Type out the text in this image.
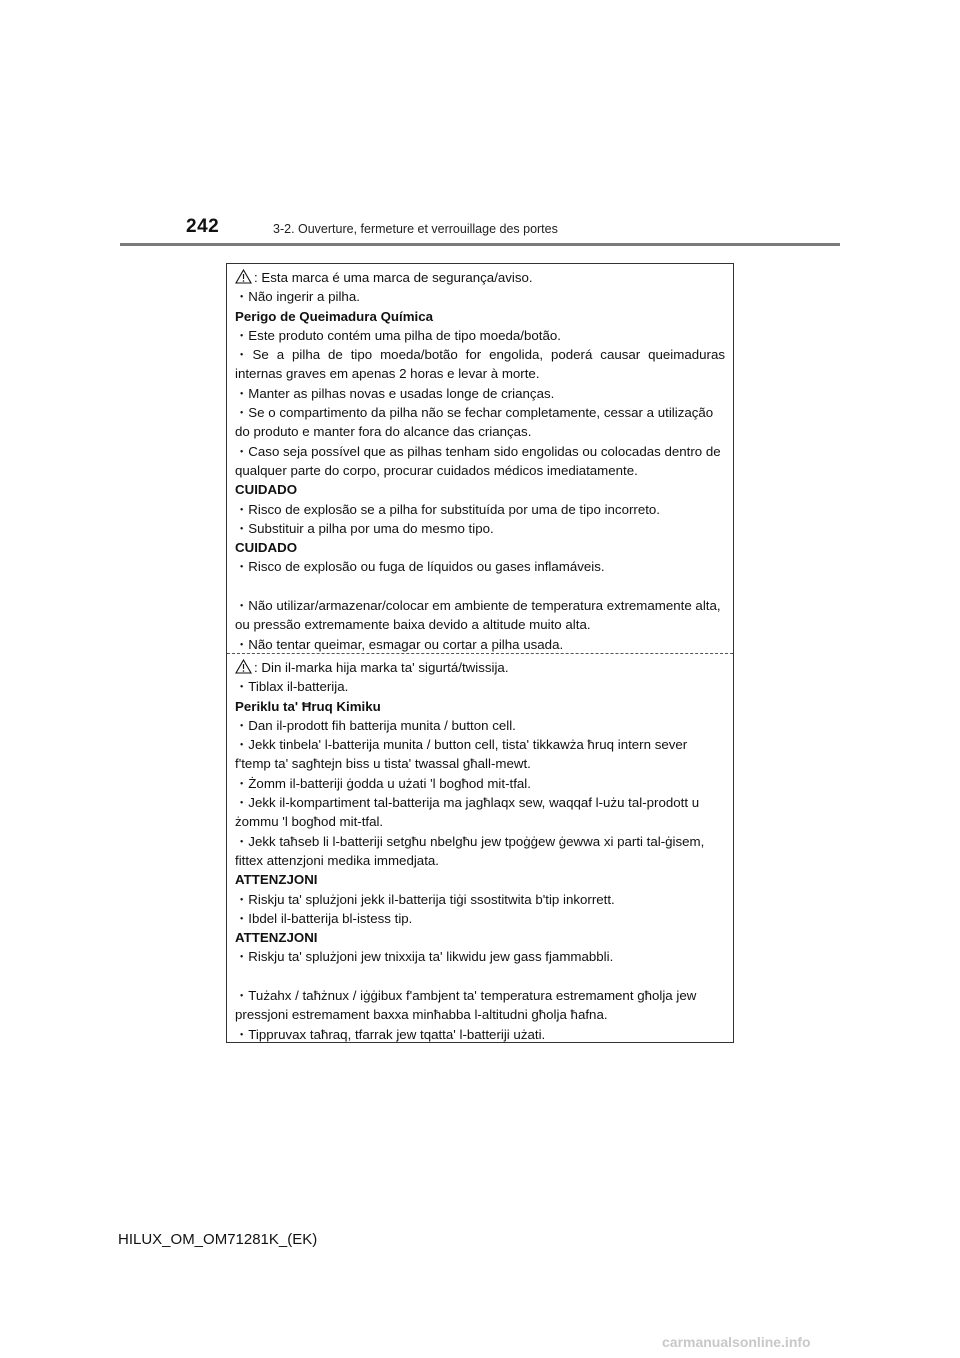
242	3-2. Ouverture, fermeture et verrouillage des portes
: Esta marca é uma marca de segurança/aviso.
・Não ingerir a pilha.
Perigo de Queimadura Química
・Este produto contém uma pilha de tipo moeda/botão.
・Se a pilha de tipo moeda/botão for engolida, poderá causar queimaduras
internas graves em apenas 2 horas e levar à morte.
・Manter as pilhas novas e usadas longe de crianças.
・Se o compartimento da pilha não se fechar completamente, cessar a utilização
do produto e manter fora do alcance das crianças.
・Caso seja possível que as pilhas tenham sido engolidas ou colocadas dentro de
qualquer parte do corpo, procurar cuidados médicos imediatamente.
CUIDADO
・Risco de explosão se a pilha for substituída por uma de tipo incorreto.
・Substituir a pilha por uma do mesmo tipo.
CUIDADO
・Risco de explosão ou fuga de líquidos ou gases inflamáveis.
・Não utilizar/armazenar/colocar em ambiente de temperatura extremamente alta,
ou pressão extremamente baixa devido a altitude muito alta.
・Não tentar queimar, esmagar ou cortar a pilha usada.
: Din il-marka hija marka ta' sigurtá/twissija.
・Tiblax il-batterija.
Periklu ta' Ħruq Kimiku
・Dan il-prodott fih batterija munita / button cell.
・Jekk tinbela' l-batterija munita / button cell, tista' tikkawża ħruq intern sever
f'temp ta' sagħtejn biss u tista' twassal għall-mewt.
・Żomm il-batteriji ġodda u użati 'l bogħod mit-tfal.
・Jekk il-kompartiment tal-batterija ma jagħlaqx sew, waqqaf l-użu tal-prodott u
żommu 'l bogħod mit-tfal.
・Jekk taħseb li l-batteriji setgħu nbelgħu jew tpoġġew ġewwa xi parti tal-ġisem,
fittex attenzjoni medika immedjata.
ATTENZJONI
・Riskju ta' splużjoni jekk il-batterija tiġi ssostitwita b'tip inkorrett.
・Ibdel il-batterija bl-istess tip.
ATTENZJONI
・Riskju ta' splużjoni jew tnixxija ta' likwidu jew gass fjammabbli.
・Tużahx / taħżnux / iġġibux f'ambjent ta' temperatura estremament għolja jew
pressjoni estremament baxxa minħabba l-altitudni għolja ħafna.
・Tippruvax taħraq, tfarrak jew tqatta' l-batteriji użati.
HILUX_OM_OM71281K_(EK)
carmanualsonline.info
